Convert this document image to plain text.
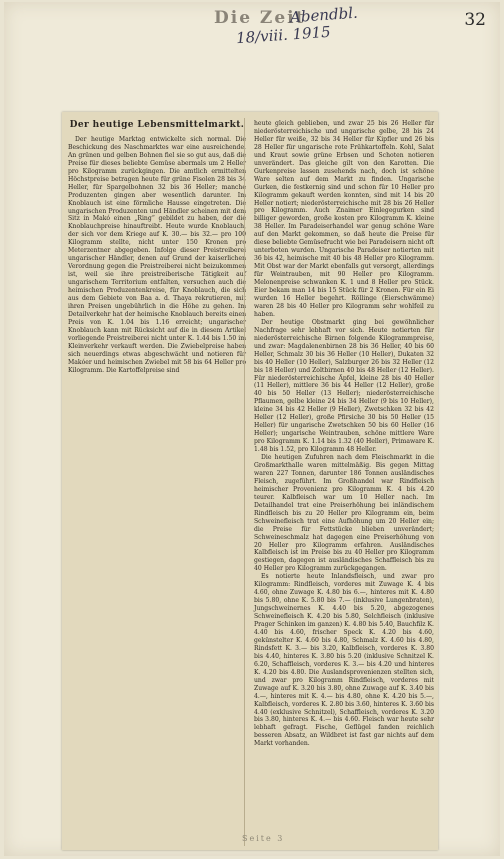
Die Zeit
Abendbl.
18/viii. 1915
32
Der heutige Lebensmittelmarkt.

Der heutige Marktag entwickelte sich normal. Die Beschickung des Naschmarktes war eine ausreichende. An grünen und gelben Bohnen fiel sie so gut aus, daß die Preise für dieses beliebte Gemüse abermals um 2 Heller pro Kilogramm zurückgingen. Die amtlich ermittelten Höchstpreise betragen heute für grüne Fisolen 28 bis 34 Heller, für Spargelbohnen 32 bis 36 Heller; manche Produzenten gingen aber wesentlich darunter. Im Knoblauch ist eine förmliche Hausse eingetreten. Die ungarischen Produzenten und Händler scheinen mit dem Sitz in Makó einen „Ring“ gebildet zu haben, der die Knoblauchpreise hinauftreibt. Heute wurde Knoblauch, der sich vor dem Kriege auf K. 30.— bis 32.— pro 100 Kilogramm stellte, nicht unter 150 Kronen pro Meterzentner abgegeben. Infolge dieser Preistreiberei ungarischer Händler, denen auf Grund der kaiserlichen Verordnung gegen die Preistreiberei nicht beizukommen ist, weil sie ihre preistreiberische Tätigkeit auf ungarischem Territorium entfalten, versuchen auch die heimischen Produzentenkreise, für Knoblauch, die sich aus dem Gebiete von Baa a. d. Thaya rekrutieren, mit ihren Preisen ungebührlich in die Höhe zu gehen. Im Detailverkehr hat der heimische Knoblauch bereits einen Preis von K. 1.04 bis 1.16 erreicht; ungarischer Knoblauch kann mit Rücksicht auf die in diesem Artikel vorliegende Preistreiberei nicht unter K. 1.44 bis 1.50 im Kleinverkehr verkauft werden. Die Zwiebelpreise haben sich neuerdings etwas abgeschwächt und notieren für Makóer und heimischen Zwiebel mit 58 bis 64 Heller pro Kilogramm. Die Kartoffelpreise sind

heute gleich geblieben, und zwar 25 bis 26 Heller für niederösterreichische und ungarische gelbe, 28 bis 24 Heller für weiße, 32 bis 34 Heller für Kipfler und 26 bis 28 Heller für ungarische rote Frühkartoffeln. Kohl, Salat und Kraut sowie grüne Erbsen und Schoten notieren unverändert. Das gleiche gilt von den Karotten. Die Gurkenpreise lassen zusehends nach, doch ist schöne Ware selten auf dem Markt zu finden. Ungarische Gurken, die festkernig sind und schon für 10 Heller pro Kilogramm gekauft werden konnten, sind mit 14 bis 20 Heller notiert; niederösterreichische mit 28 bis 26 Heller pro Kilogramm. Auch Znaimer Einlegegurken sind billiger geworden, große kosten pro Kilogramm K. kleine 38 Heller. Im Paradeiserhandel war genug schöne Ware auf den Markt gekommen, so daß heute die Preise für diese beliebte Gemüsefrucht wie bei Paradeisern nicht oft unterboten wurden. Ungarische Paradeiser notierten mit 36 bis 42, heimische mit 40 bis 48 Heller pro Kilogramm. Mit Obst war der Markt ebenfalls gut versorgt, allerdings für Weintrauben, mit 90 Heller pro Kilogramm. Melonenpreise schwanken K. 1 und 8 Heller pro Stück. Eier bekam man 14 bis 15 Stück für 2 Kronen. Für ein Ei wurden 16 Heller begehrt. Röllinge (Eierschwämme) waren 28 bis 40 Heller pro Kilogramm sehr wohlfeil zu haben.

Der heutige Obstmarkt ging bei gewöhnlicher Nachfrage sehr lebhaft vor sich. Heute notierten für niederösterreichische Birnen folgende Kilogrammpreise, und zwar: Magdalenenbirnen 28 bis 36 Heller, 40 bis 60 Heller, Schmalz 30 bis 36 Heller (10 Heller), Dukaten 32 bis 40 Heller (10 Heller), Salzburger 26 bis 32 Heller (12 bis 18 Heller) und Zoltbirnen 40 bis 48 Heller (12 Heller). Für niederösterreichische Äpfel, kleine 28 bis 40 Heller (11 Heller), mittlere 36 bis 44 Heller (12 Heller), große 40 bis 50 Heller (13 Heller); niederösterreichische Pflaumen, gelbe kleine 24 bis 34 Heller (9 bis 10 Heller), kleine 34 bis 42 Heller (9 Heller), Zwetschken 32 bis 42 Heller (12 Heller), große Pfirsiche 30 bis 50 Heller (15 Heller) für ungarische Zwetschken 50 bis 60 Heller (16 Heller); ungarische Weintrauben, schöne mittlere Ware pro Kilogramm K. 1.14 bis 1.32 (40 Heller), Primaware K. 1.48 bis 1.52, pro Kilogramm 48 Heller.

Die heutigen Zufuhren nach dem Fleischmarkt in die Großmarkthalle waren mittelmäßig. Bis gegen Mittag waren 227 Tonnen, darunter 186 Tonnen ausländisches Fleisch, zugeführt. Im Großhandel war Rindfleisch heimischer Provenienz pro Kilogramm K. 4 bis 4.20 teurer. Kalbfleisch war um 10 Heller nach. Im Detailhandel trat eine Preiserhöhung bei inländischem Rindfleisch bis zu 20 Heller pro Kilogramm ein, beim Schweinefleisch trat eine Aufhöhung um 20 Heller ein; die Preise für Fettstücke blieben unverändert; Schweineschmalz hat dagegen eine Preiserhöhung von 20 Heller pro Kilogramm erfahren. Ausländisches Kalbfleisch ist im Preise bis zu 40 Heller pro Kilogramm gestiegen, dagegen ist ausländisches Schaffleisch bis zu 40 Heller pro Kilogramm zurückgegangen.

Es notierte heute Inlandsfleisch, und zwar pro Kilogramm: Rindfleisch, vorderes mit Zuwage K. 4 bis 4.60, ohne Zuwage K. 4.80 bis 6.—, hinteres mit K. 4.80 bis 5.80, ohne K. 5.80 bis 7.— (inklusive Lungenbraten), Jungschweinernes K. 4.40 bis 5.20, abgezogenes Schweinefleisch K. 4.20 bis 5.80, Selchfleisch (inklusive Prager Schinken im ganzen) K. 4.80 bis 5.40, Bauchfilz K. 4.40 bis 4.60, frischer Speck K. 4.20 bis 4.60, gekünstelter K. 4.60 bis 4.80, Schmalz K. 4.60 bis 4.80, Rindsfett K. 3.— bis 3.20, Kalbfleisch, vorderes K. 3.80 bis 4.40, hinteres K. 3.80 bis 5.20 (inklusive Schnitzel K. 6.20, Schaffleisch, vorderes K. 3.— bis 4.20 und hinteres K. 4.20 bis 4.80. Die Auslandsprovenienzen stellten sich, und zwar pro Kilogramm Rindfleisch, vorderes mit Zuwage auf K. 3.20 bis 3.80, ohne Zuwage auf K. 3.40 bis 4.—, hinteres mit K. 4.— bis 4.80, ohne K. 4.20 bis 5.—, Kalbfleisch, vorderes K. 2.80 bis 3.60, hinteres K. 3.60 bis 4.40 (exklusive Schnitzel), Schaffleisch, vorderes K. 3.20 bis 3.80, hinteres K. 4.— bis 4.60. Fleisch war heute sehr lebhaft gefragt. Fische, Geflügel fanden reichlich besseren Absatz, an Wildbret ist fast gar nichts auf dem Markt vorhanden.

Seite 3
